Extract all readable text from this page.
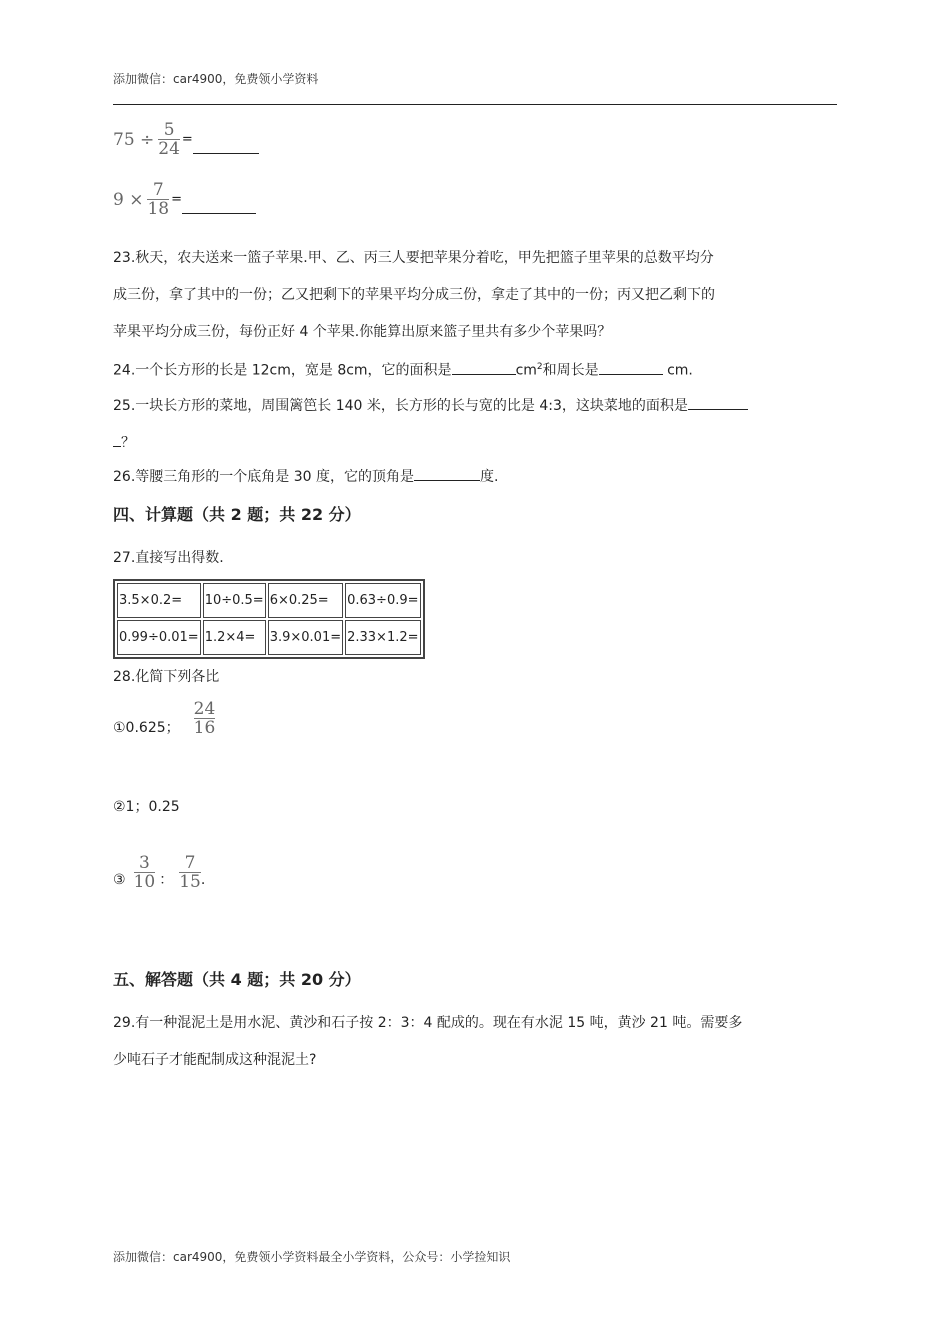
添加微信：car4900，免费领小学资料
$75 \div \frac{5}{24}$ =
$9 \times \frac{7}{18}$ =
23.秋天，农夫送来一篮子苹果.甲、乙、丙三人要把苹果分着吃，甲先把篮子里苹果的总数平均分
成三份，拿了其中的一份；乙又把剩下的苹果平均分成三份，拿走了其中的一份；丙又把乙剩下的
苹果平均分成三份，每份正好 4 个苹果.你能算出原来篮子里共有多少个苹果吗？
24.一个长方形的长是 12cm，宽是 8cm，它的面积是	$cm^2$和周长是	cm.
25.一块长方形的菜地，周围篱笆长 140 米，长方形的长与宽的比是 4:3，这块菜地的面积是
？
26.等腰三角形的一个底角是 30 度，它的顶角是	度.
四、计算题（共 2 题；共 22 分）
27.直接写出得数.
3.5×0.2=	10÷0.5=	6×0.25=	0.63÷0.9=
0.99÷0.01=	1.2×4=	3.9×0.01=	2.33×1.2=
28.化简下列各比
①0.625； $\frac{24}{16}$
②1；0.25
③ $\frac{3}{10}$ ： $\frac{7}{15}$ .
五、解答题（共 4 题；共 20 分）
29.有一种混泥土是用水泥、黄沙和石子按 2：3：4 配成的。现在有水泥 15 吨，黄沙 21 吨。需要多
少吨石子才能配制成这种混泥土?
添加微信：car4900，免费领小学资料最全小学资料，公众号：小学捡知识
